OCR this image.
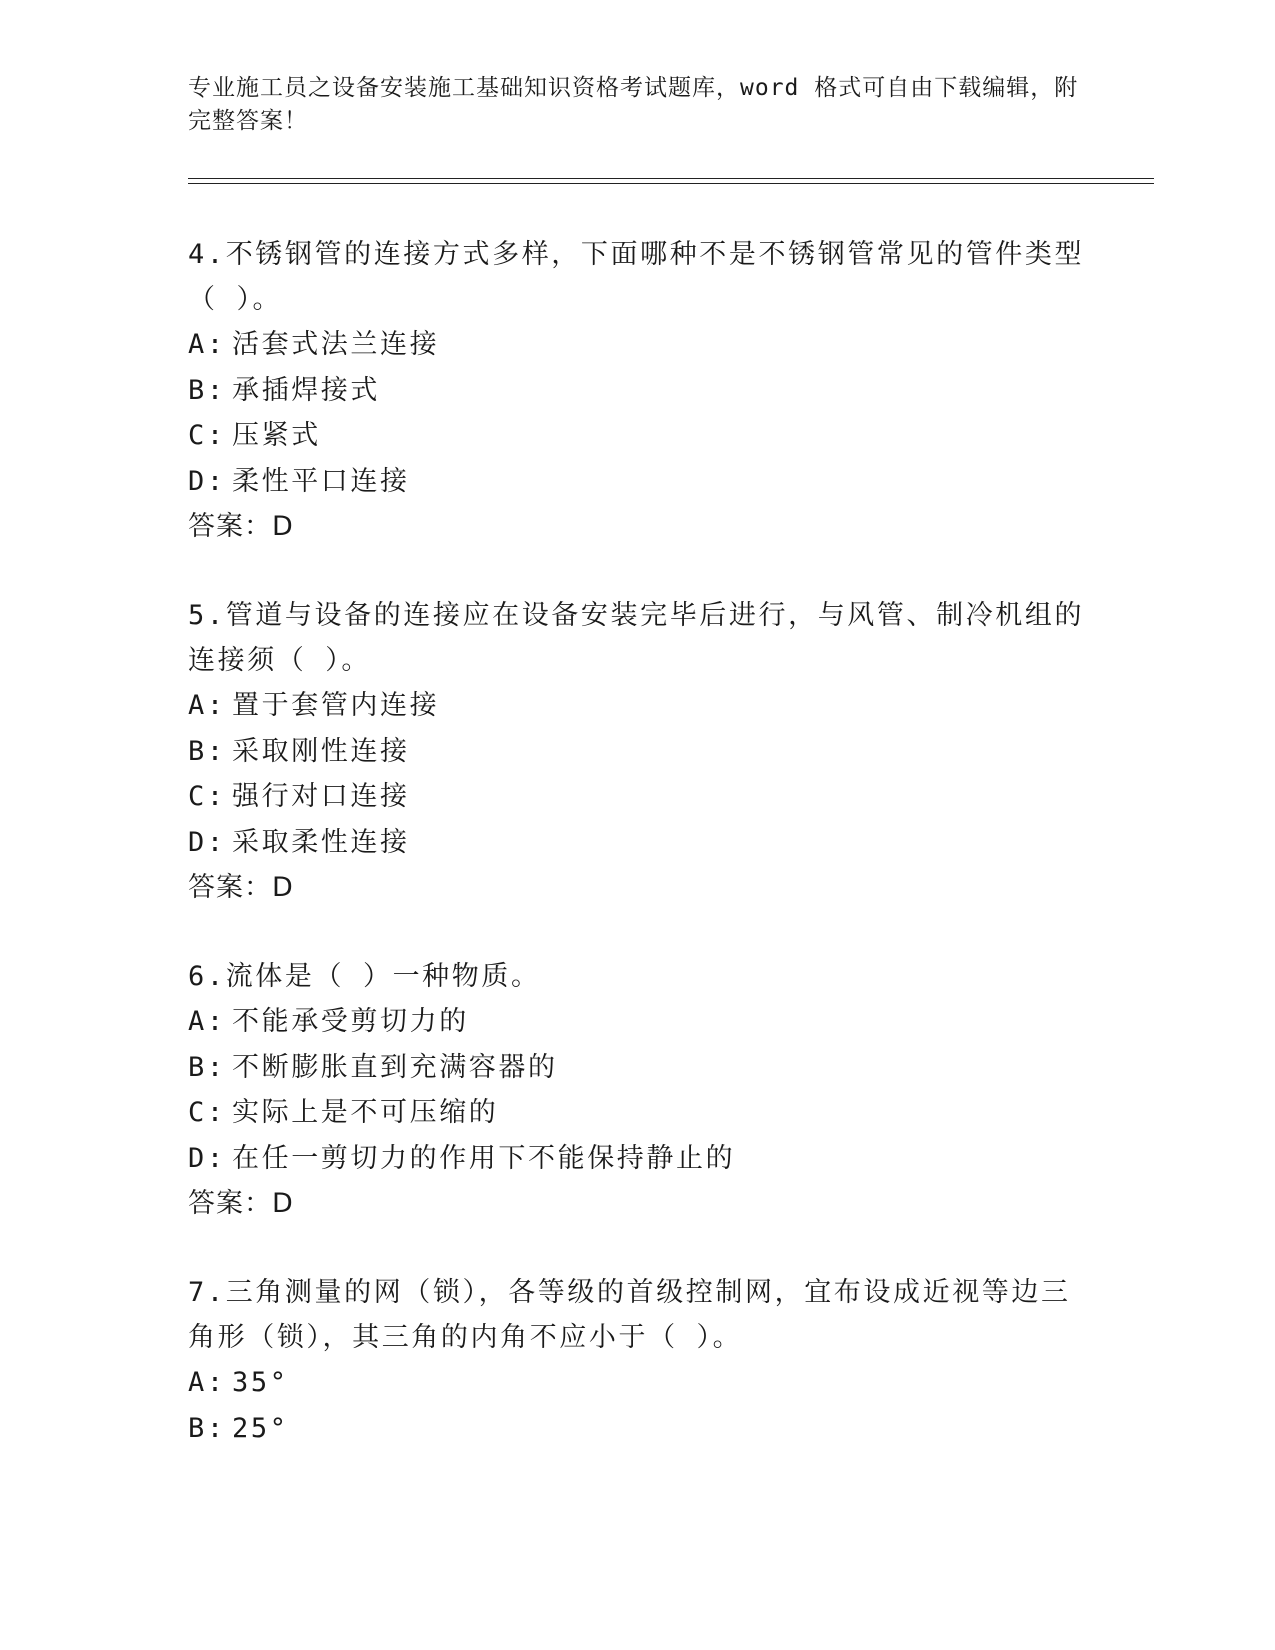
专业施工员之设备安装施工基础知识资格考试题库，word 格式可自由下载编辑，附完整答案！

4.不锈钢管的连接方式多样，下面哪种不是不锈钢管常见的管件类型（ ）。

A: 活套式法兰连接
B: 承插焊接式
C: 压紧式
D: 柔性平口连接
答案：D

5.管道与设备的连接应在设备安装完毕后进行，与风管、制冷机组的连接须（ ）。

A: 置于套管内连接
B: 采取刚性连接
C: 强行对口连接
D: 采取柔性连接
答案：D

6.流体是（ ）一种物质。

A: 不能承受剪切力的
B: 不断膨胀直到充满容器的
C: 实际上是不可压缩的
D: 在任一剪切力的作用下不能保持静止的
答案：D

7.三角测量的网（锁），各等级的首级控制网，宜布设成近视等边三角形（锁），其三角的内角不应小于（ ）。

A: 35°
B: 25°
